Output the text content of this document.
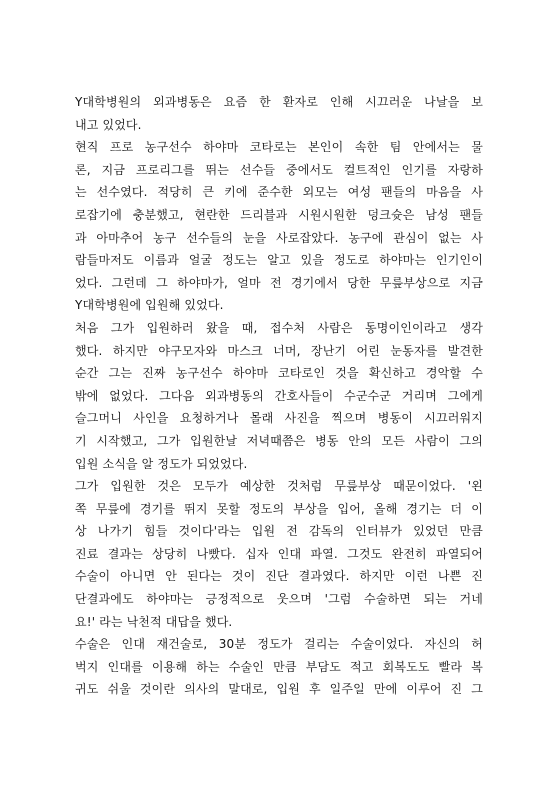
Y대학병원의 외과병동은 요즘 한 환자로 인해 시끄러운 나날을 보
내고 있었다.

현직 프로 농구선수 하야마 코타로는 본인이 속한 팀 안에서는 물
론, 지금 프로리그를 뛰는 선수들 중에서도 컬트적인 인기를 자랑하
는 선수였다. 적당히 큰 키에 준수한 외모는 여성 팬들의 마음을 사
로잡기에 충분했고, 현란한 드리블과 시원시원한 덩크슛은 남성 팬들
과 아마추어 농구 선수들의 눈을 사로잡았다. 농구에 관심이 없는 사
람들마저도 이름과 얼굴 정도는 알고 있을 정도로 하야마는 인기인이
었다. 그런데 그 하야마가, 얼마 전 경기에서 당한 무릎부상으로 지금
Y대학병원에 입원해 있었다.

처음 그가 입원하러 왔을 때, 접수처 사람은 동명이인이라고 생각
했다. 하지만 야구모자와 마스크 너머, 장난기 어린 눈동자를 발견한
순간 그는 진짜 농구선수 하야마 코타로인 것을 확신하고 경악할 수
밖에 없었다. 그다음 외과병동의 간호사들이 수군수군 거리며 그에게
슬그머니 사인을 요청하거나 몰래 사진을 찍으며 병동이 시끄러워지
기 시작했고, 그가 입원한날 저녁때쯤은 병동 안의 모든 사람이 그의
입원 소식을 알 정도가 되었었다.

그가 입원한 것은 모두가 예상한 것처럼 무릎부상 때문이었다. '왼
쪽 무릎에 경기를 뛰지 못할 정도의 부상을 입어, 올해 경기는 더 이
상 나가기 힘들 것이다'라는 입원 전 감독의 인터뷰가 있었던 만큼
진료 결과는 상당히 나빴다. 십자 인대 파열. 그것도 완전히 파열되어
수술이 아니면 안 된다는 것이 진단 결과였다. 하지만 이런 나쁜 진
단결과에도 하야마는 긍정적으로 웃으며 '그럼 수술하면 되는 거네
요!' 라는 낙천적 대답을 했다.

수술은 인대 재건술로, 30분 정도가 걸리는 수술이었다. 자신의 허
벅지 인대를 이용해 하는 수술인 만큼 부담도 적고 회복도도 빨라 복
귀도 쉬울 것이란 의사의 말대로, 입원 후 일주일 만에 이루어 진 그
